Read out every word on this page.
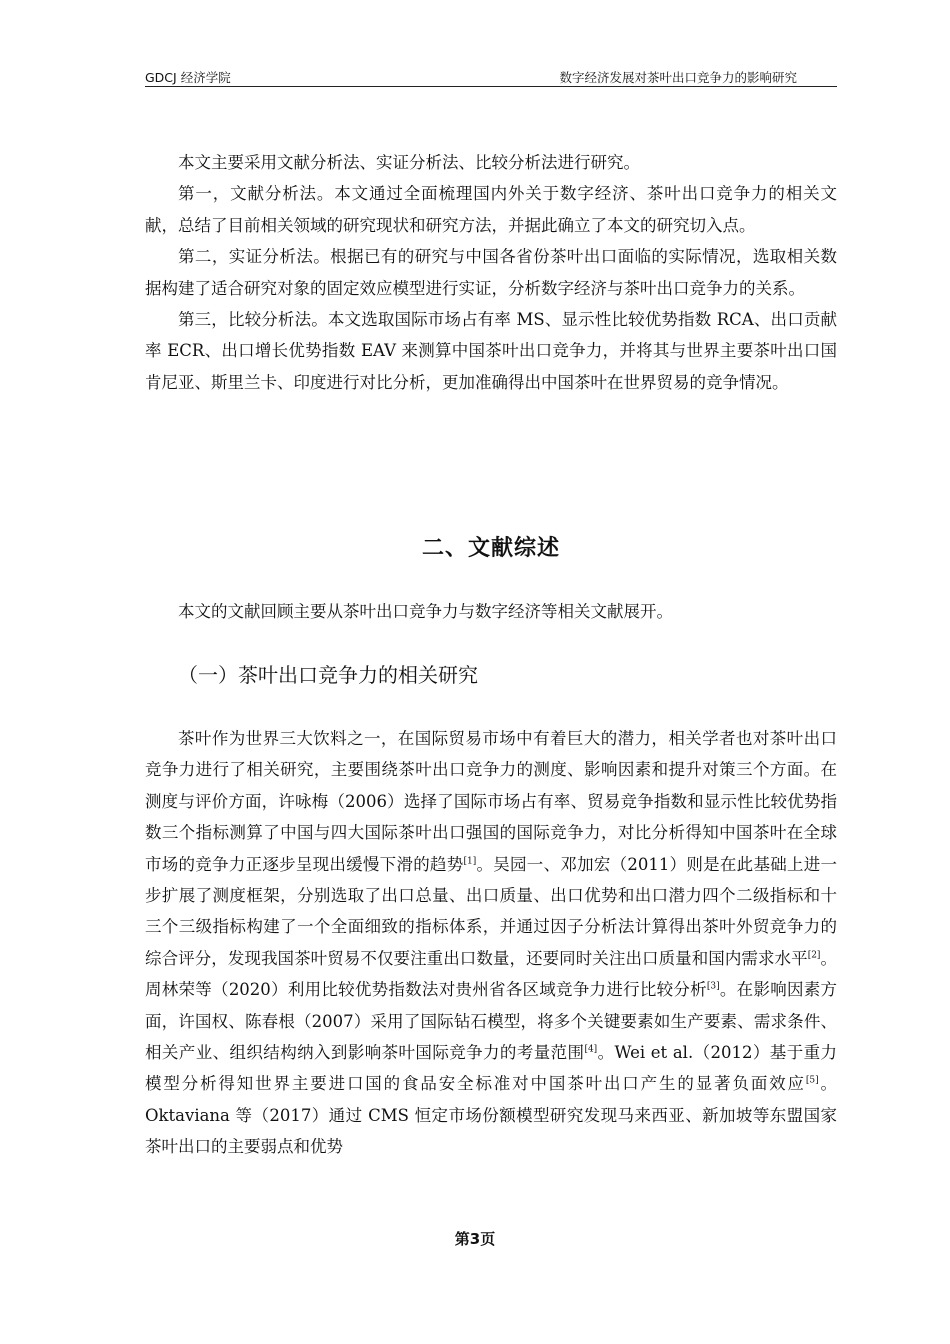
GDCJ 经济学院	数字经济发展对茶叶出口竞争力的影响研究

本文主要采用文献分析法、实证分析法、比较分析法进行研究。

第一，文献分析法。本文通过全面梳理国内外关于数字经济、茶叶出口竞争力的相关文献，总结了目前相关领域的研究现状和研究方法，并据此确立了本文的研究切入点。

第二，实证分析法。根据已有的研究与中国各省份茶叶出口面临的实际情况，选取相关数据构建了适合研究对象的固定效应模型进行实证，分析数字经济与茶叶出口竞争力的关系。

第三，比较分析法。本文选取国际市场占有率 MS、显示性比较优势指数 RCA、出口贡献率 ECR、出口增长优势指数 EAV 来测算中国茶叶出口竞争力，并将其与世界主要茶叶出口国肯尼亚、斯里兰卡、印度进行对比分析，更加准确得出中国茶叶在世界贸易的竞争情况。

二、文献综述

本文的文献回顾主要从茶叶出口竞争力与数字经济等相关文献展开。

（一）茶叶出口竞争力的相关研究

茶叶作为世界三大饮料之一，在国际贸易市场中有着巨大的潜力，相关学者也对茶叶出口竞争力进行了相关研究，主要围绕茶叶出口竞争力的测度、影响因素和提升对策三个方面。在测度与评价方面，许咏梅（2006）选择了国际市场占有率、贸易竞争指数和显示性比较优势指数三个指标测算了中国与四大国际茶叶出口强国的国际竞争力，对比分析得知中国茶叶在全球市场的竞争力正逐步呈现出缓慢下滑的趋势[1]。吴园一、邓加宏（2011）则是在此基础上进一步扩展了测度框架，分别选取了出口总量、出口质量、出口优势和出口潜力四个二级指标和十三个三级指标构建了一个全面细致的指标体系，并通过因子分析法计算得出茶叶外贸竞争力的综合评分，发现我国茶叶贸易不仅要注重出口数量，还要同时关注出口质量和国内需求水平[2]。周林荣等（2020）利用比较优势指数法对贵州省各区域竞争力进行比较分析[3]。在影响因素方面，许国权、陈春根（2007）采用了国际钻石模型，将多个关键要素如生产要素、需求条件、相关产业、组织结构纳入到影响茶叶国际竞争力的考量范围[4]。Wei et al.（2012）基于重力模型分析得知世界主要进口国的食品安全标准对中国茶叶出口产生的显著负面效应[5]。Oktaviana 等（2017）通过 CMS 恒定市场份额模型研究发现马来西亚、新加坡等东盟国家茶叶出口的主要弱点和优势

第3页
